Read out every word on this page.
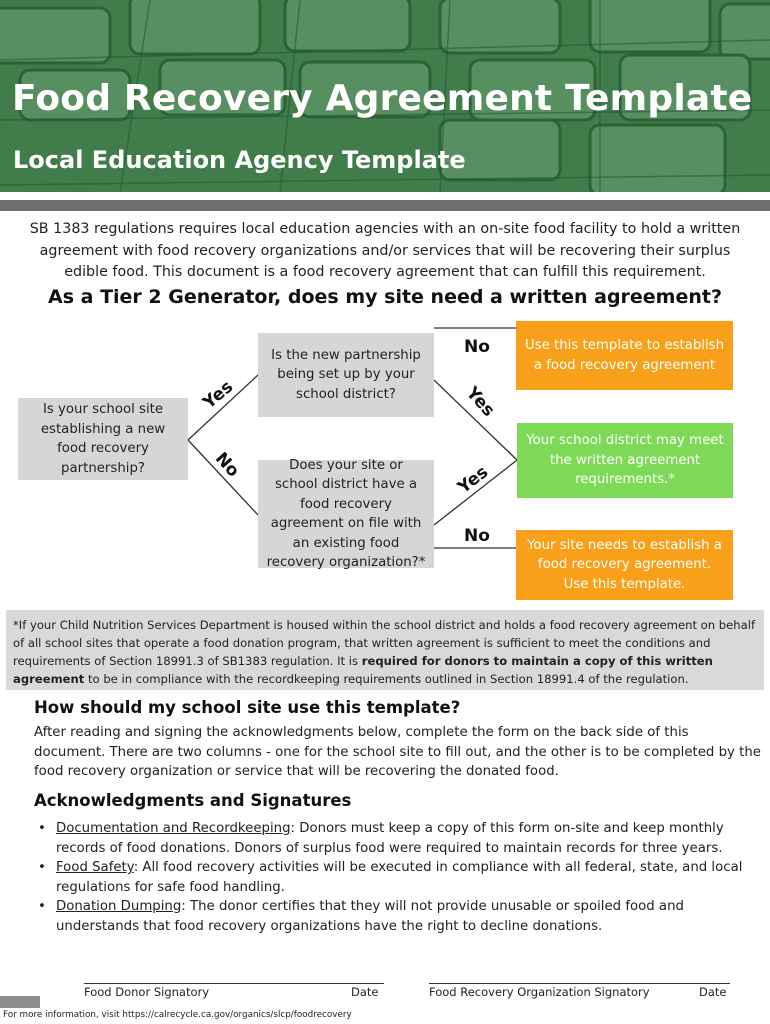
Food Recovery Agreement Template
Local Education Agency Template

SB 1383 regulations requires local education agencies with an on-site food facility to hold a written agreement with food recovery organizations and/or services that will be recovering their surplus edible food. This document is a food recovery agreement that can fulfill this requirement.

As a Tier 2 Generator, does my site need a written agreement?
Is your school site establishing a new food recovery partnership?
Is the new partnership being set up by your school district?
Does your site or school district have a food recovery agreement on file with an existing food recovery organization?*
Use this template to establish a food recovery agreement
Your school district may meet the written agreement requirements.*
Your site needs to establish a food recovery agreement. Use this template.
Yes
No
No
Yes
Yes
No
*If your Child Nutrition Services Department is housed within the school district and holds a food recovery agreement on behalf of all school sites that operate a food donation program, that written agreement is sufficient to meet the conditions and requirements of Section 18991.3 of SB1383 regulation. It is required for donors to maintain a copy of this written agreement to be in compliance with the recordkeeping requirements outlined in Section 18991.4 of the regulation.
How should my school site use this template?

After reading and signing the acknowledgments below, complete the form on the back side of this document. There are two columns - one for the school site to fill out, and the other is to be completed by the food recovery organization or service that will be recovering the donated food.

Acknowledgments and Signatures
• Documentation and Recordkeeping: Donors must keep a copy of this form on-site and keep monthly records of food donations. Donors of surplus food were required to maintain records for three years.
• Food Safety: All food recovery activities will be executed in compliance with all federal, state, and local regulations for safe food handling.
• Donation Dumping: The donor certifies that they will not provide unusable or spoiled food and understands that food recovery organizations have the right to decline donations.
Food Donor Signatory	Date	Food Recovery Organization Signatory	Date
For more information, visit https://calrecycle.ca.gov/organics/slcp/foodrecovery
